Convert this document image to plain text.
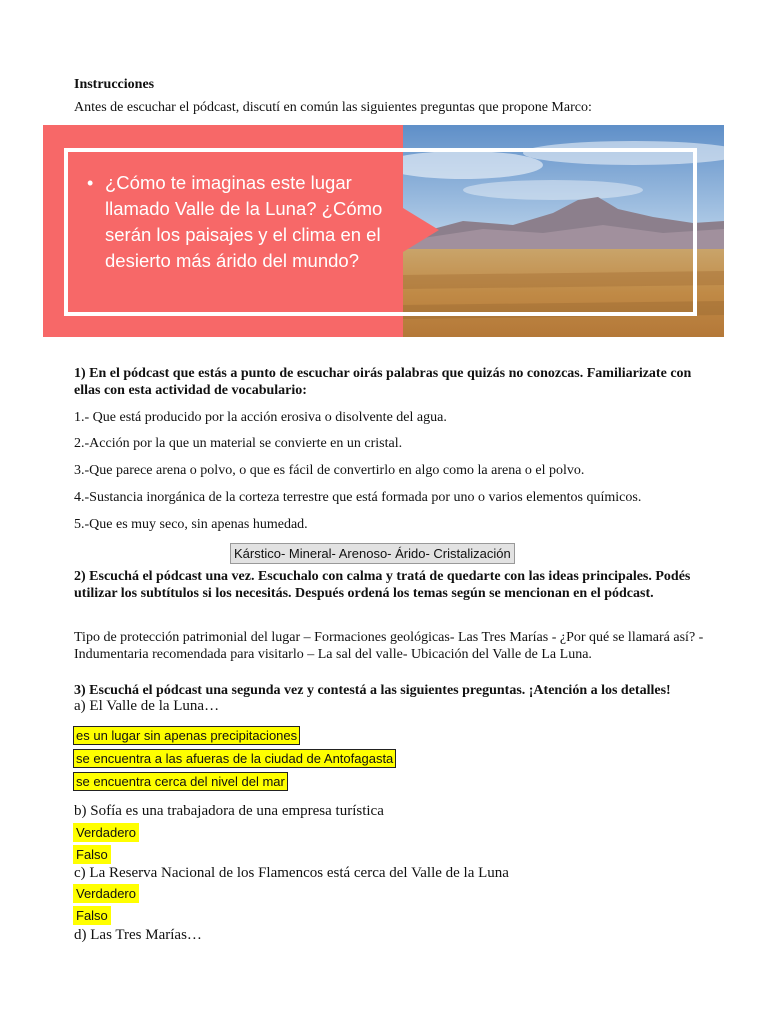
Instrucciones
Antes de escuchar el pódcast, discutí en común las siguientes preguntas que propone Marco:
• ¿Cómo te imaginas este lugar llamado Valle de la Luna? ¿Cómo serán los paisajes y el clima en el desierto más árido del mundo?
1) En el pódcast que estás a punto de escuchar oirás palabras que quizás no conozcas. Familiarizate con ellas con esta actividad de vocabulario:
1.- Que está producido por la acción erosiva o disolvente del agua.
2.-Acción por la que un material se convierte en un cristal.
3.-Que parece arena o polvo, o que es fácil de convertirlo en algo como la arena o el polvo.
4.-Sustancia inorgánica de la corteza terrestre que está formada por uno o varios elementos químicos.
5.-Que es muy seco, sin apenas humedad.
Kárstico- Mineral- Arenoso- Árido- Cristalización
2) Escuchá el pódcast una vez. Escuchalo con calma y tratá de quedarte con las ideas principales. Podés utilizar los subtítulos si los necesitás. Después ordená los temas según se mencionan en el pódcast.
Tipo de protección patrimonial del lugar – Formaciones geológicas- Las Tres Marías - ¿Por qué se llamará así? - Indumentaria recomendada para visitarlo – La sal del valle- Ubicación del Valle de La Luna.
3) Escuchá el pódcast una segunda vez y contestá a las siguientes preguntas. ¡Atención a los detalles!
a) El Valle de la Luna…
es un lugar sin apenas precipitaciones
se encuentra a las afueras de la ciudad de Antofagasta
se encuentra cerca del nivel del mar
b) Sofía es una trabajadora de una empresa turística
Verdadero
Falso
c) La Reserva Nacional de los Flamencos está cerca del Valle de la Luna
Verdadero
Falso
d) Las Tres Marías…
